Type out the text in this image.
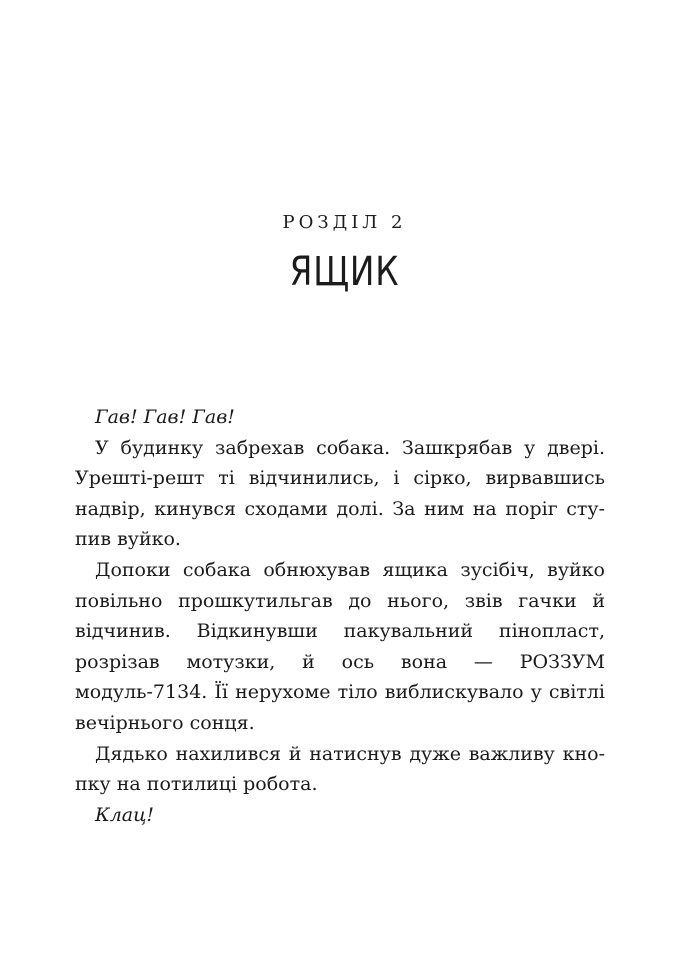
РОЗДІЛ 2
ЯЩИК

Гав! Гав! Гав!

У будинку забрехав собака. Зашкрябав у двері. Урешті-решт ті відчинились, і сірко, вирвавшись надвір, кинувся сходами долі. За ним на поріг ступив вуйко.

Допоки собака обнюхував ящика зусібіч, вуйко повільно прошкутильгав до нього, звів гачки й відчинив. Відкинувши пакувальний пінопласт, розрізав мотузки, й ось вона — РОЗЗУМ модуль-7134. Її нерухоме тіло виблискувало у світлі вечірнього сонця.

Дядько нахилився й натиснув дуже важливу кнопку на потилиці робота.

Клац!
